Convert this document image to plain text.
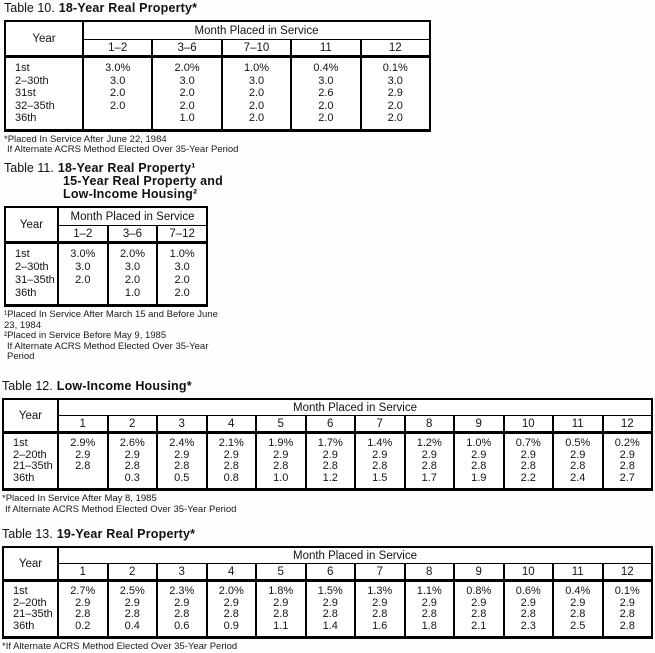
Table 10. 18-Year Real Property*
Year	Month Placed in Service				
	1–2	3–6	7–10	11	12
1st	3.0%	2.0%	1.0%	0.4%	0.1%
2–30th	3.0	3.0	3.0	3.0	3.0
31st	2.0	2.0	2.0	2.6	2.9
32–35th	2.0	2.0	2.0	2.0	2.0
36th		1.0	2.0	2.0	2.0
*Placed In Service After June 22, 1984
If Alternate ACRS Method Elected Over 35-Year Period
Table 11. 18-Year Real Property¹
15-Year Real Property and
Low-Income Housing²
Year	Month Placed in Service		
	1–2	3–6	7–12
1st	3.0%	2.0%	1.0%
2–30th	3.0	3.0	3.0
31–35th	2.0	2.0	2.0
36th		1.0	2.0
¹Placed In Service After March 15 and Before June 23, 1984
²Placed in Service Before May 9, 1985
If Alternate ACRS Method Elected Over 35-Year Period
Table 12. Low-Income Housing*
Year	Month Placed in Service											
	1	2	3	4	5	6	7	8	9	10	11	12
1st	2.9%	2.6%	2.4%	2.1%	1.9%	1.7%	1.4%	1.2%	1.0%	0.7%	0.5%	0.2%
2–20th	2.9	2.9	2.9	2.9	2.9	2.9	2.9	2.9	2.9	2.9	2.9	2.9
21–35th	2.8	2.8	2.8	2.8	2.8	2.8	2.8	2.8	2.8	2.8	2.8	2.8
36th		0.3	0.5	0.8	1.0	1.2	1.5	1.7	1.9	2.2	2.4	2.7
*Placed In Service After May 8, 1985
If Alternate ACRS Method Elected Over 35-Year Period
Table 13. 19-Year Real Property*
Year	Month Placed in Service											
	1	2	3	4	5	6	7	8	9	10	11	12
1st	2.7%	2.5%	2.3%	2.0%	1.8%	1.5%	1.3%	1.1%	0.8%	0.6%	0.4%	0.1%
2–20th	2.9	2.9	2.9	2.9	2.9	2.9	2.9	2.9	2.9	2.9	2.9	2.9
21–35th	2.8	2.8	2.8	2.8	2.8	2.8	2.8	2.8	2.8	2.8	2.8	2.8
36th	0.2	0.4	0.6	0.9	1.1	1.4	1.6	1.8	2.1	2.3	2.5	2.8
*If Alternate ACRS Method Elected Over 35-Year Period
